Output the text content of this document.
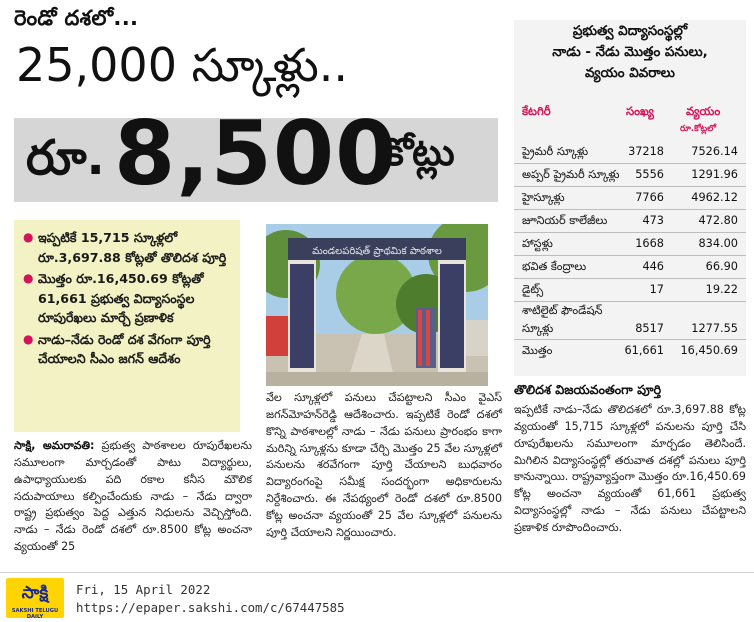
రెండో దశలో...
25,000 స్కూళ్లు..
రూ. 8,500
కోట్లు
● ఇప్పటికే 15,715 స్కూళ్లలో రూ.3,697.88 కోట్లతో తొలిదశ పూర్తి
● మొత్తం రూ.16,450.69 కోట్లతో 61,661 ప్రభుత్వ విద్యాసంస్థల రూపురేఖలు మార్చే ప్రణాళిక
● నాడు–నేడు రెండో దశ వేగంగా పూర్తి చేయాలని సీఎం జగన్ ఆదేశం
మండలపరిషత్ ప్రాథమిక పాఠశాల
ప్రభుత్వ విద్యాసంస్థల్లో
నాడు - నేడు మొత్తం పనులు,
వ్యయం వివరాలు
కేటగిరీ	సంఖ్య	వ్యయం
రూ.కోట్లలో
ప్రైమరీ స్కూళ్లు	37218 7526.14
అప్పర్ ప్రైమరీ స్కూళ్లు 5556 1291.96
హైస్కూళ్లు	7766 4962.12
జూనియర్ కాలేజీలు	473	472.80
హాస్టళ్లు	1668	834.00
భవిత కేంద్రాలు	446	66.90
డైట్స్	17	19.22
శాటిలైట్ ఫౌండేషన్
స్కూళ్లు	8517 1277.55
మొత్తం	61,661 16,450.69
సాక్షి, అమరావతి: ప్రభుత్వ పాఠశాలల రూపురేఖలను సమూలంగా మార్చడంతో పాటు విద్యార్థులు, ఉపాధ్యాయులకు పది రకాల కనీస మౌలిక సదుపాయాలు కల్పించేందుకు నాడు – నేడు ద్వారా రాష్ట్ర ప్రభుత్వం పెద్ద ఎత్తున నిధులను వెచ్చిస్తోంది. నాడు – నేడు రెండో దశలో రూ.8500 కోట్ల అంచనా వ్యయంతో 25
వేల స్కూళ్లలో పనులు చేపట్టాలని సీఎం వైఎస్ జగన్‌మోహన్‌రెడ్డి ఆదేశించారు. ఇప్పటికే రెండో దశలో కొన్ని పాఠశాలల్లో నాడు – నేడు పనులు ప్రారంభం కాగా మరిన్ని స్కూళ్లను కూడా చేర్చి మొత్తం 25 వేల స్కూళ్లలో పనులను శరవేగంగా పూర్తి చేయాలని బుధవారం విద్యారంగంపై సమీక్ష సందర్భంగా అధికారులను నిర్దేశించారు. ఈ నేపథ్యంలో రెండో దశలో రూ.8500 కోట్ల అంచనా వ్యయంతో 25 వేల స్కూళ్లలో పనులను పూర్తి చేయాలని నిర్ణయించారు.
తొలిదశ విజయవంతంగా పూర్తి
ఇప్పటికే నాడు–నేడు తొలిదశలో రూ.3,697.88 కోట్ల వ్యయంతో 15,715 స్కూళ్లలో పనులను పూర్తి చేసి రూపురేఖలను సమూలంగా మార్చడం తెలిసిందే. మిగిలిన విద్యాసంస్థల్లో తరువాత దశల్లో పనులు పూర్తి కానున్నాయి. రాష్ట్రవ్యాప్తంగా మొత్తం రూ.16,450.69 కోట్ల అంచనా వ్యయంతో 61,661 ప్రభుత్వ విద్యాసంస్థల్లో నాడు – నేడు పనులు చేపట్టాలని ప్రణాళిక రూపొందించారు.
సాక్షి
SAKSHI TELUGU DAILY
Fri, 15 April 2022
https://epaper.sakshi.com/c/67447585
